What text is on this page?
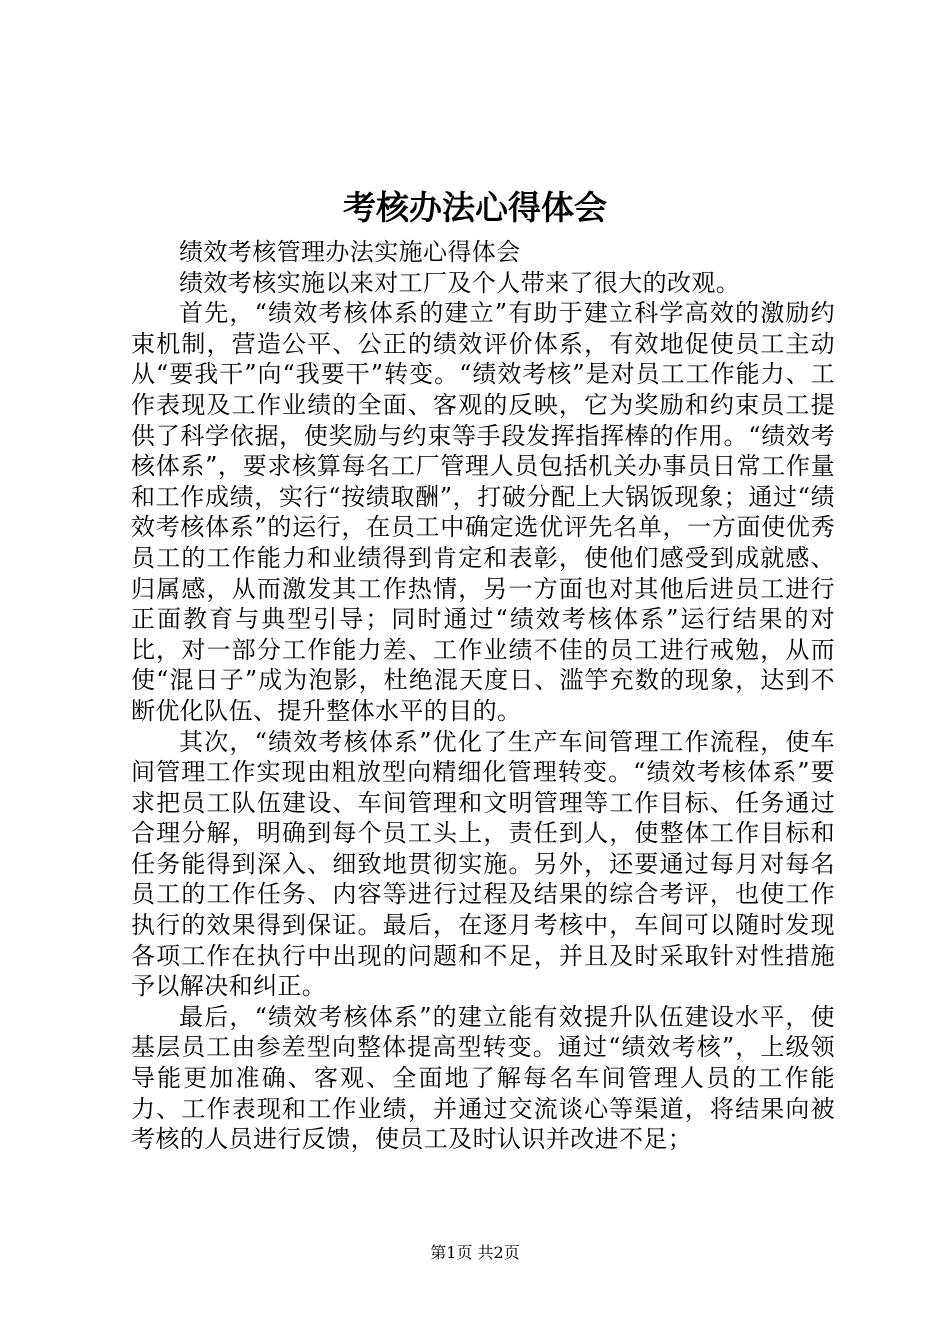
考核办法心得体会

绩效考核管理办法实施心得体会

绩效考核实施以来对工厂及个人带来了很大的改观。

首先，“绩效考核体系的建立”有助于建立科学高效的激励约束机制，营造公平、公正的绩效评价体系，有效地促使员工主动从“要我干”向“我要干”转变。“绩效考核”是对员工工作能力、工作表现及工作业绩的全面、客观的反映，它为奖励和约束员工提供了科学依据，使奖励与约束等手段发挥指挥棒的作用。“绩效考核体系”，要求核算每名工厂管理人员包括机关办事员日常工作量和工作成绩，实行“按绩取酬”，打破分配上大锅饭现象；通过“绩效考核体系”的运行，在员工中确定选优评先名单，一方面使优秀员工的工作能力和业绩得到肯定和表彰，使他们感受到成就感、归属感，从而激发其工作热情，另一方面也对其他后进员工进行正面教育与典型引导；同时通过“绩效考核体系”运行结果的对比，对一部分工作能力差、工作业绩不佳的员工进行戒勉，从而使“混日子”成为泡影，杜绝混天度日、滥竽充数的现象，达到不断优化队伍、提升整体水平的目的。

其次，“绩效考核体系”优化了生产车间管理工作流程，使车间管理工作实现由粗放型向精细化管理转变。“绩效考核体系”要求把员工队伍建设、车间管理和文明管理等工作目标、任务通过合理分解，明确到每个员工头上，责任到人，使整体工作目标和任务能得到深入、细致地贯彻实施。另外，还要通过每月对每名员工的工作任务、内容等进行过程及结果的综合考评，也使工作执行的效果得到保证。最后，在逐月考核中，车间可以随时发现各项工作在执行中出现的问题和不足，并且及时采取针对性措施予以解决和纠正。

最后，“绩效考核体系”的建立能有效提升队伍建设水平，使基层员工由参差型向整体提高型转变。通过“绩效考核”，上级领导能更加准确、客观、全面地了解每名车间管理人员的工作能力、工作表现和工作业绩，并通过交流谈心等渠道，将结果向被考核的人员进行反馈，使员工及时认识并改进不足；

第1页 共2页
